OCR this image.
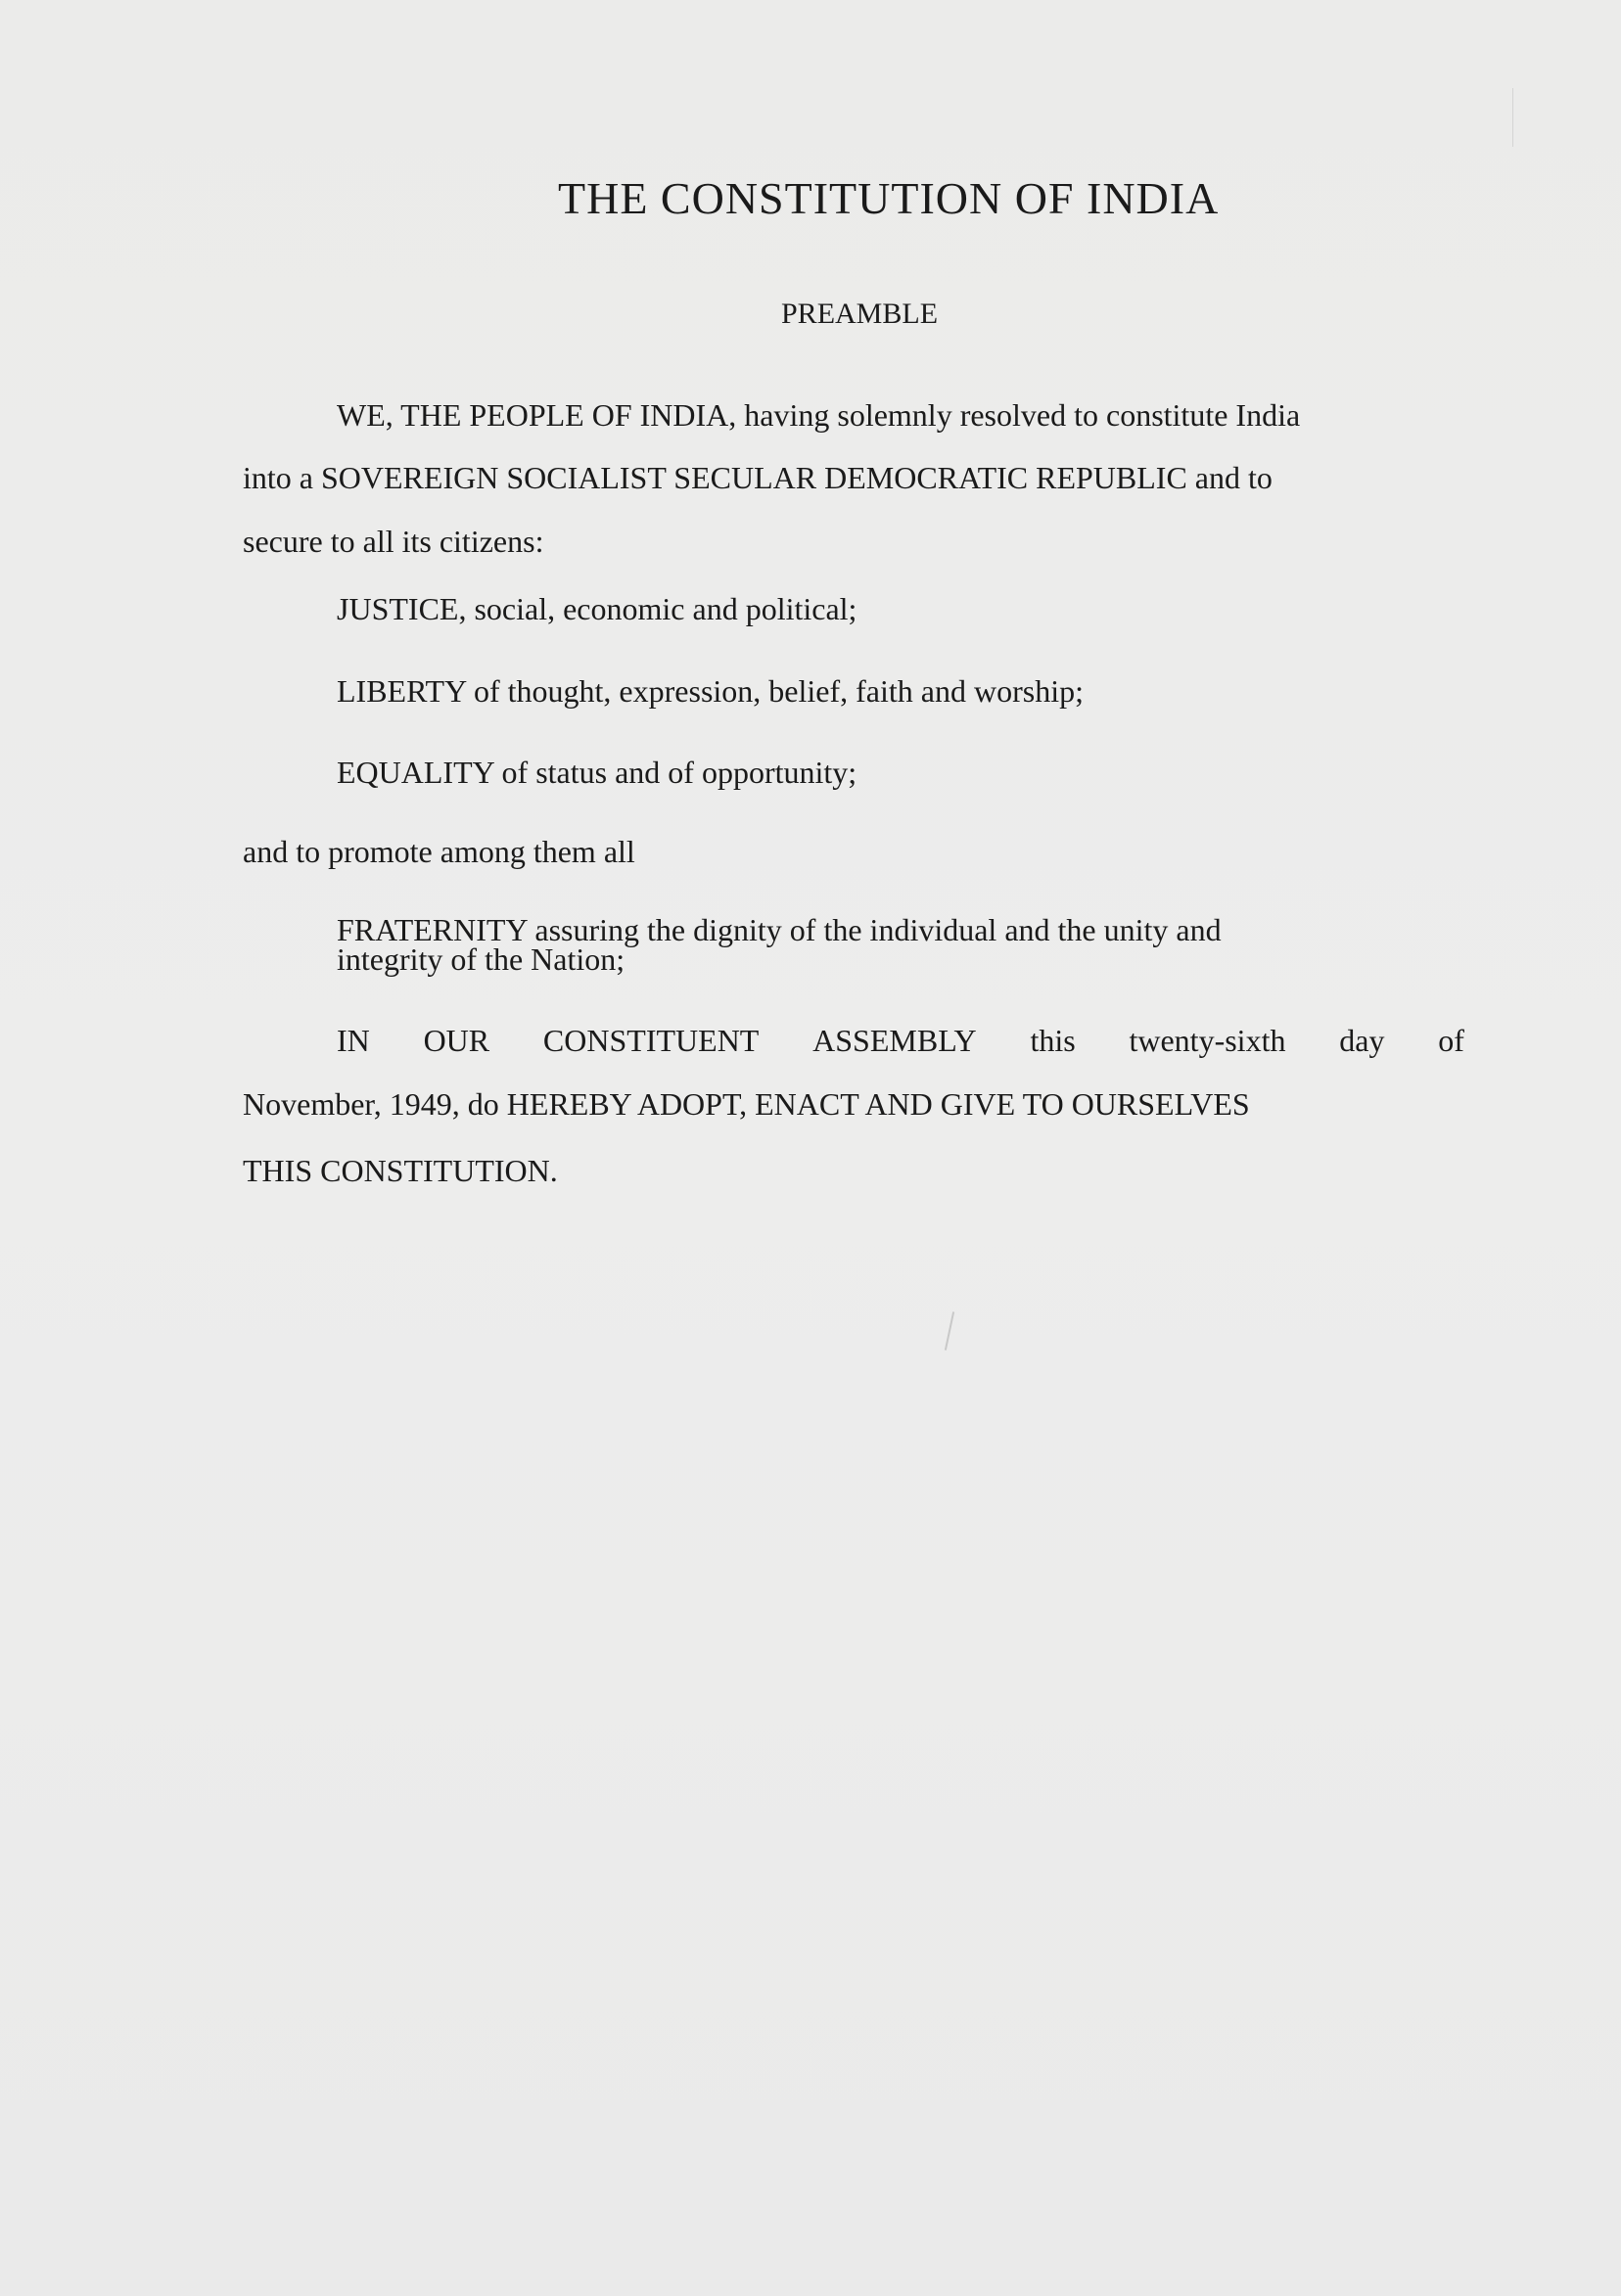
THE CONSTITUTION OF INDIA
PREAMBLE

WE, THE PEOPLE OF INDIA, having solemnly resolved to constitute India

into a SOVEREIGN SOCIALIST SECULAR DEMOCRATIC REPUBLIC and to

secure to all its citizens:

JUSTICE, social, economic and political;

LIBERTY of thought, expression, belief, faith and worship;

EQUALITY of status and of opportunity;

and to promote among them all

FRATERNITY assuring the dignity of the individual and the unity and

integrity of the Nation;

IN OUR CONSTITUENT ASSEMBLY this twenty-sixth day of

November, 1949, do HEREBY ADOPT, ENACT AND GIVE TO OURSELVES

THIS CONSTITUTION.
